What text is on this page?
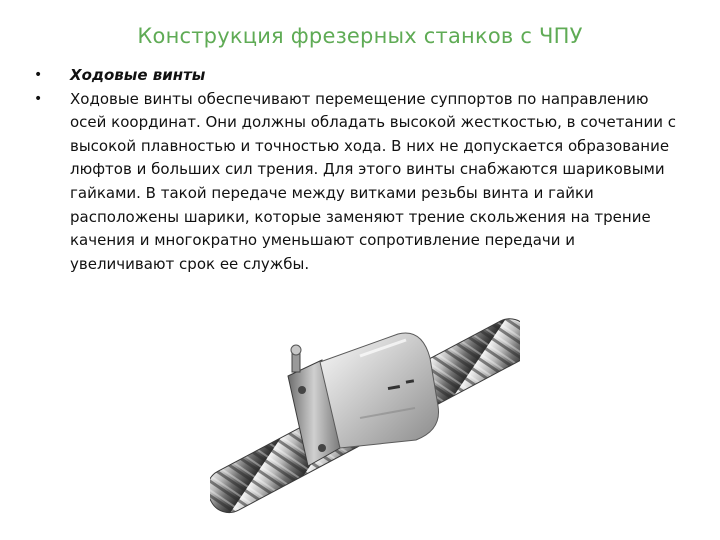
Конструкция фрезерных станков с ЧПУ
• Ходовые винты
• Ходовые винты обеспечивают перемещение суппортов по направлению осей координат. Они должны обладать высокой жесткостью, в сочетании с высокой плавностью и точностью хода. В них не допускается образование люфтов и больших сил трения. Для этого винты снабжаются шариковыми гайками. В такой передаче между витками резьбы винта и гайки расположены шарики, которые заменяют трение скольжения на трение качения и многократно уменьшают сопротивление передачи и увеличивают срок ее службы.
